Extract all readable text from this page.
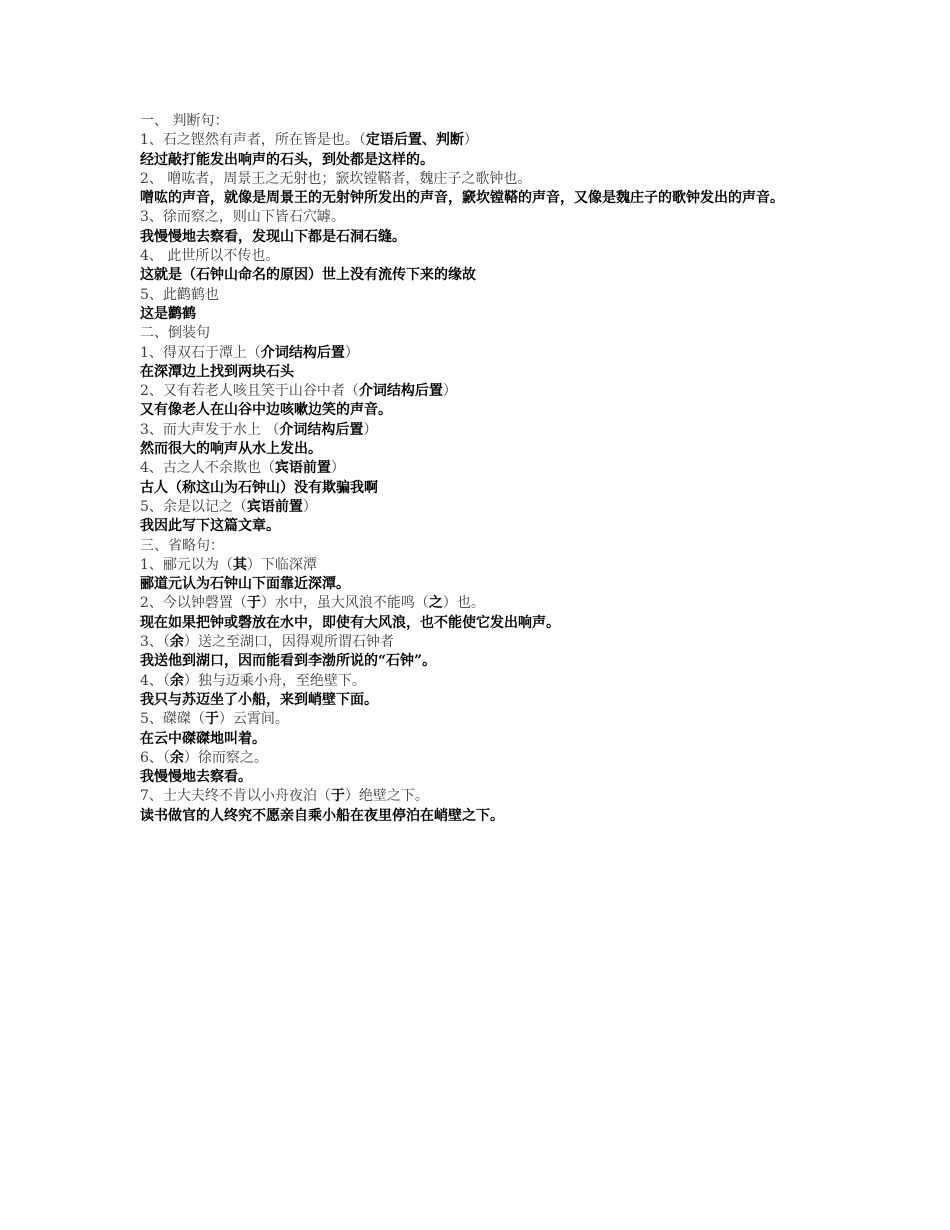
一、 判断句：
1、石之铿然有声者，所在皆是也。（定语后置、判断）
经过敲打能发出响声的石头，到处都是这样的。
2、 噌吰者，周景王之无射也；窾坎镗鞳者，魏庄子之歌钟也。
噌吰的声音，就像是周景王的无射钟所发出的声音，窾坎镗鞳的声音，又像是魏庄子的歌钟发出的声音。
3、徐而察之，则山下皆石穴罅。
我慢慢地去察看，发现山下都是石洞石缝。
4、 此世所以不传也。
这就是（石钟山命名的原因）世上没有流传下来的缘故
5、此鹳鹤也
这是鹳鹤
二、倒装句
1、得双石于潭上（介词结构后置）
在深潭边上找到两块石头
2、又有若老人咳且笑于山谷中者（介词结构后置）
又有像老人在山谷中边咳嗽边笑的声音。
3、而大声发于水上 （介词结构后置）
然而很大的响声从水上发出。
4、古之人不余欺也（宾语前置）
古人（称这山为石钟山）没有欺骗我啊
5、余是以记之（宾语前置）
我因此写下这篇文章。
三、省略句：
1、郦元以为（其）下临深潭
郦道元认为石钟山下面靠近深潭。
2、今以钟磬置（于）水中，虽大风浪不能鸣（之）也。
现在如果把钟或磬放在水中，即使有大风浪，也不能使它发出响声。
3、（余）送之至湖口，因得观所谓石钟者
我送他到湖口，因而能看到李渤所说的“石钟”。
4、（余）独与迈乘小舟，至绝壁下。
我只与苏迈坐了小船，来到峭壁下面。
5、磔磔（于）云霄间。
在云中磔磔地叫着。
6、（余）徐而察之。
我慢慢地去察看。
7、士大夫终不肯以小舟夜泊（于）绝壁之下。
读书做官的人终究不愿亲自乘小船在夜里停泊在峭壁之下。
